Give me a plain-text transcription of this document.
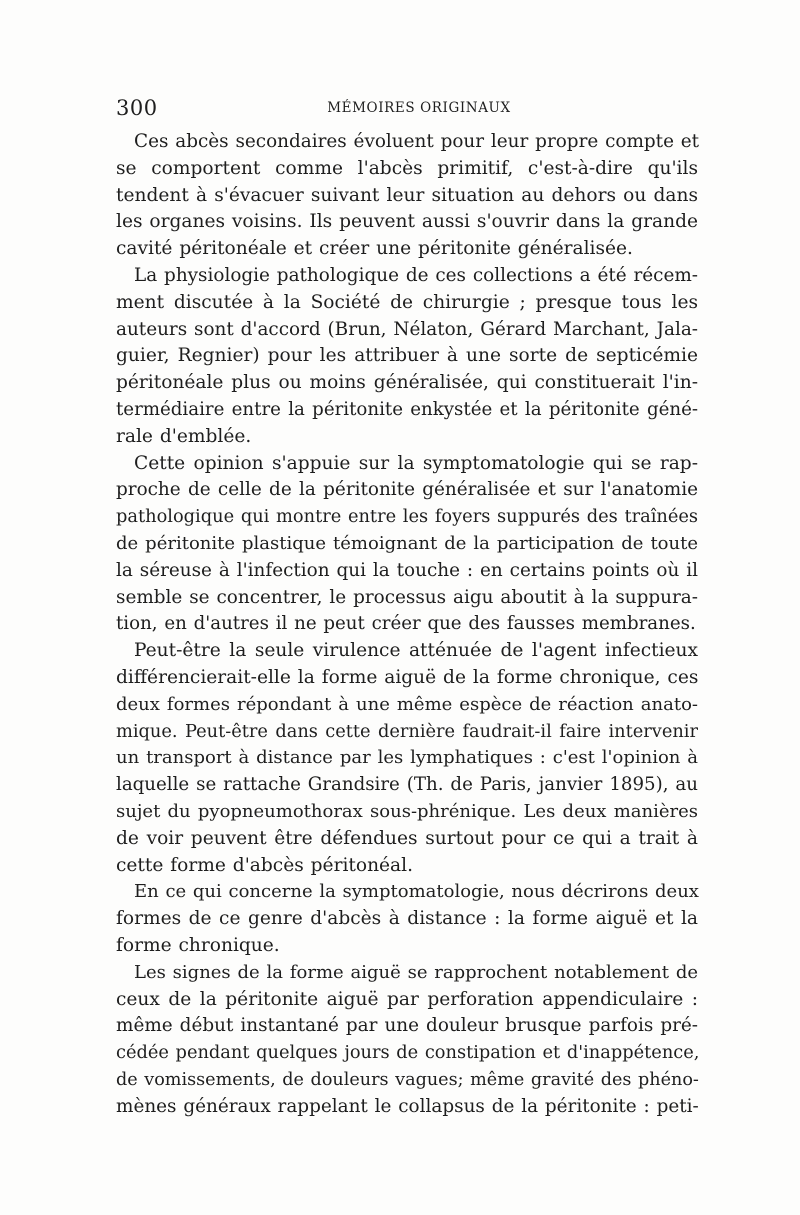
300	MÉMOIRES ORIGINAUX
Ces abcès secondaires évoluent pour leur propre compte et
se comportent comme l'abcès primitif, c'est-à-dire qu'ils
tendent à s'évacuer suivant leur situation au dehors ou dans
les organes voisins. Ils peuvent aussi s'ouvrir dans la grande
cavité péritonéale et créer une péritonite généralisée.
La physiologie pathologique de ces collections a été récem-
ment discutée à la Société de chirurgie ; presque tous les
auteurs sont d'accord (Brun, Nélaton, Gérard Marchant, Jala-
guier, Regnier) pour les attribuer à une sorte de septicémie
péritonéale plus ou moins généralisée, qui constituerait l'in-
termédiaire entre la péritonite enkystée et la péritonite géné-
rale d'emblée.
Cette opinion s'appuie sur la symptomatologie qui se rap-
proche de celle de la péritonite généralisée et sur l'anatomie
pathologique qui montre entre les foyers suppurés des traînées
de péritonite plastique témoignant de la participation de toute
la séreuse à l'infection qui la touche : en certains points où il
semble se concentrer, le processus aigu aboutit à la suppura-
tion, en d'autres il ne peut créer que des fausses membranes.
Peut-être la seule virulence atténuée de l'agent infectieux
différencierait-elle la forme aiguë de la forme chronique, ces
deux formes répondant à une même espèce de réaction anato-
mique. Peut-être dans cette dernière faudrait-il faire intervenir
un transport à distance par les lymphatiques : c'est l'opinion à
laquelle se rattache Grandsire (Th. de Paris, janvier 1895), au
sujet du pyopneumothorax sous-phrénique. Les deux manières
de voir peuvent être défendues surtout pour ce qui a trait à
cette forme d'abcès péritonéal.
En ce qui concerne la symptomatologie, nous décrirons deux
formes de ce genre d'abcès à distance : la forme aiguë et la
forme chronique.
Les signes de la forme aiguë se rapprochent notablement de
ceux de la péritonite aiguë par perforation appendiculaire :
même début instantané par une douleur brusque parfois pré-
cédée pendant quelques jours de constipation et d'inappétence,
de vomissements, de douleurs vagues; même gravité des phéno-
mènes généraux rappelant le collapsus de la péritonite : peti-
